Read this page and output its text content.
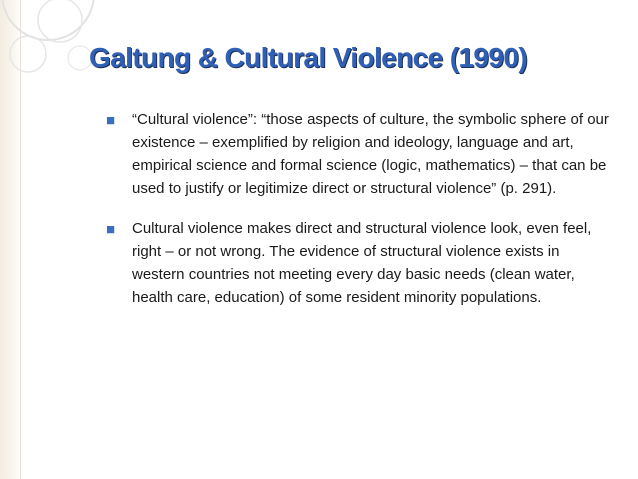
Galtung & Cultural Violence (1990)
■ “Cultural violence”: “those aspects of culture, the symbolic sphere of our existence – exemplified by religion and ideology, language and art, empirical science and formal science (logic, mathematics) – that can be used to justify or legitimize direct or structural violence” (p. 291).
■ Cultural violence makes direct and structural violence look, even feel, right – or not wrong. The evidence of structural violence exists in western countries not meeting every day basic needs (clean water, health care, education) of some resident minority populations.
